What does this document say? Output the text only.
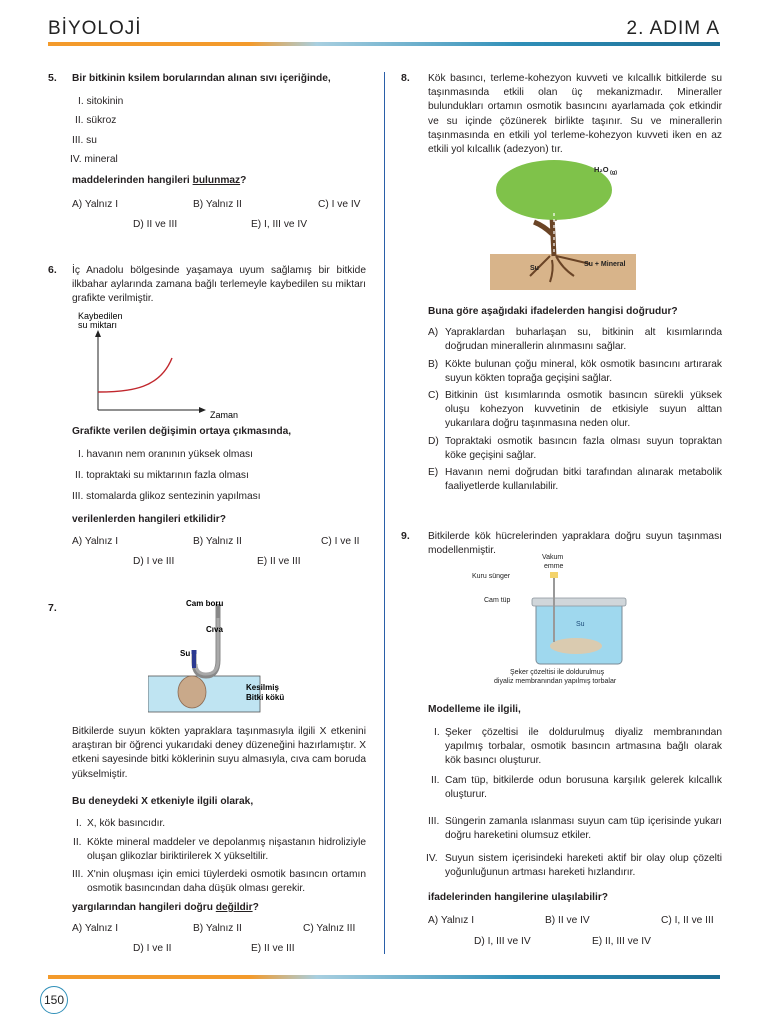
BİYOLOJİ	2. ADIM A
5. Bir bitkinin ksilem borularından alınan sıvı içeriğinde,
I. sitokinin
II. sükroz
III. su
IV. mineral
maddelerinden hangileri bulunmaz?
A) Yalnız I	B) Yalnız II	C) I ve IV
D) II ve III	E) I, III ve IV
6. İç Anadolu bölgesinde yaşamaya uyum sağlamış bir bitkide ilkbahar aylarında zamana bağlı terlemeyle kaybedilen su miktarı grafikte verilmiştir.
Kaybedilen
su miktarı
Zaman
Grafikte verilen değişimin ortaya çıkmasında,
I. havanın nem oranının yüksek olması
II. topraktaki su miktarının fazla olması
III. stomalarda glikoz sentezinin yapılması
verilenlerden hangileri etkilidir?
A) Yalnız I	B) Yalnız II	C) I ve II
D) I ve III	E) II ve III
7.	Cam boru
Cıva
Su
Kesilmiş
Bitki kökü
Bitkilerde suyun kökten yapraklara taşınmasıyla ilgili X etkenini araştıran bir öğrenci yukarıdaki deney düzeneğini hazırlamıştır. X etkeni sayesinde bitki köklerinin suyu almasıyla, cıva cam boruda yükselmiştir.
Bu deneydeki X etkeniyle ilgili olarak,
I. X, kök basıncıdır.
II. Kökte mineral maddeler ve depolanmış nişastanın hidroliziyle oluşan glikozlar biriktirilerek X yükseltilir.
III. X'nin oluşması için emici tüylerdeki osmotik basıncın ortamın osmotik basıncından daha düşük olması gerekir.
yargılarından hangileri doğru değildir?
A) Yalnız I	B) Yalnız II	C) Yalnız III
D) I ve II	E) II ve III
8. Kök basıncı, terleme-kohezyon kuvveti ve kılcallık bitkilerde su taşınmasında etkili olan üç mekanizmadır. Mineraller bulundukları ortamın osmotik basıncını ayarlamada çok etkindir ve su içinde çözünerek birlikte taşınır. Su ve minerallerin taşınmasında en etkili yol terleme-kohezyon kuvveti iken en az etkili yol kılcallık (adezyon) tır.
H₂O (g)
Su
Su + Mineral
Buna göre aşağıdaki ifadelerden hangisi doğrudur?
A) Yapraklardan buharlaşan su, bitkinin alt kısımlarında doğrudan minerallerin alınmasını sağlar.
B) Kökte bulunan çoğu mineral, kök osmotik basıncını artırarak suyun kökten toprağa geçişini sağlar.
C) Bitkinin üst kısımlarında osmotik basıncın sürekli yüksek oluşu kohezyon kuvvetinin de etkisiyle suyun alttan yukarılara doğru taşınmasına neden olur.
D) Topraktaki osmotik basıncın fazla olması suyun topraktan köke geçişini sağlar.
E) Havanın nemi doğrudan bitki tarafından alınarak metabolik faaliyetlerde kullanılabilir.
9. Bitkilerde kök hücrelerinden yapraklara doğru suyun taşınması modellenmiştir.
Vakum
emme
Kuru sünger
Cam tüp
Su
Şeker çözeltisi ile doldurulmuş
diyaliz membranından yapılmış torbalar
Modelleme ile ilgili,
I. Şeker çözeltisi ile doldurulmuş diyaliz membranından yapılmış torbalar, osmotik basıncın artmasına bağlı olarak kök basıncı oluşturur.
II. Cam tüp, bitkilerde odun borusuna karşılık gelerek kılcallık oluşturur.
III. Süngerin zamanla ıslanması suyun cam tüp içerisinde yukarı doğru hareketini olumsuz etkiler.
IV. Suyun sistem içerisindeki hareketi aktif bir olay olup çözelti yoğunluğunun artması hareketi hızlandırır.
ifadelerinden hangilerine ulaşılabilir?
A) Yalnız I	B) II ve IV	C) I, II ve III
D) I, III ve IV	E) II, III ve IV
150
